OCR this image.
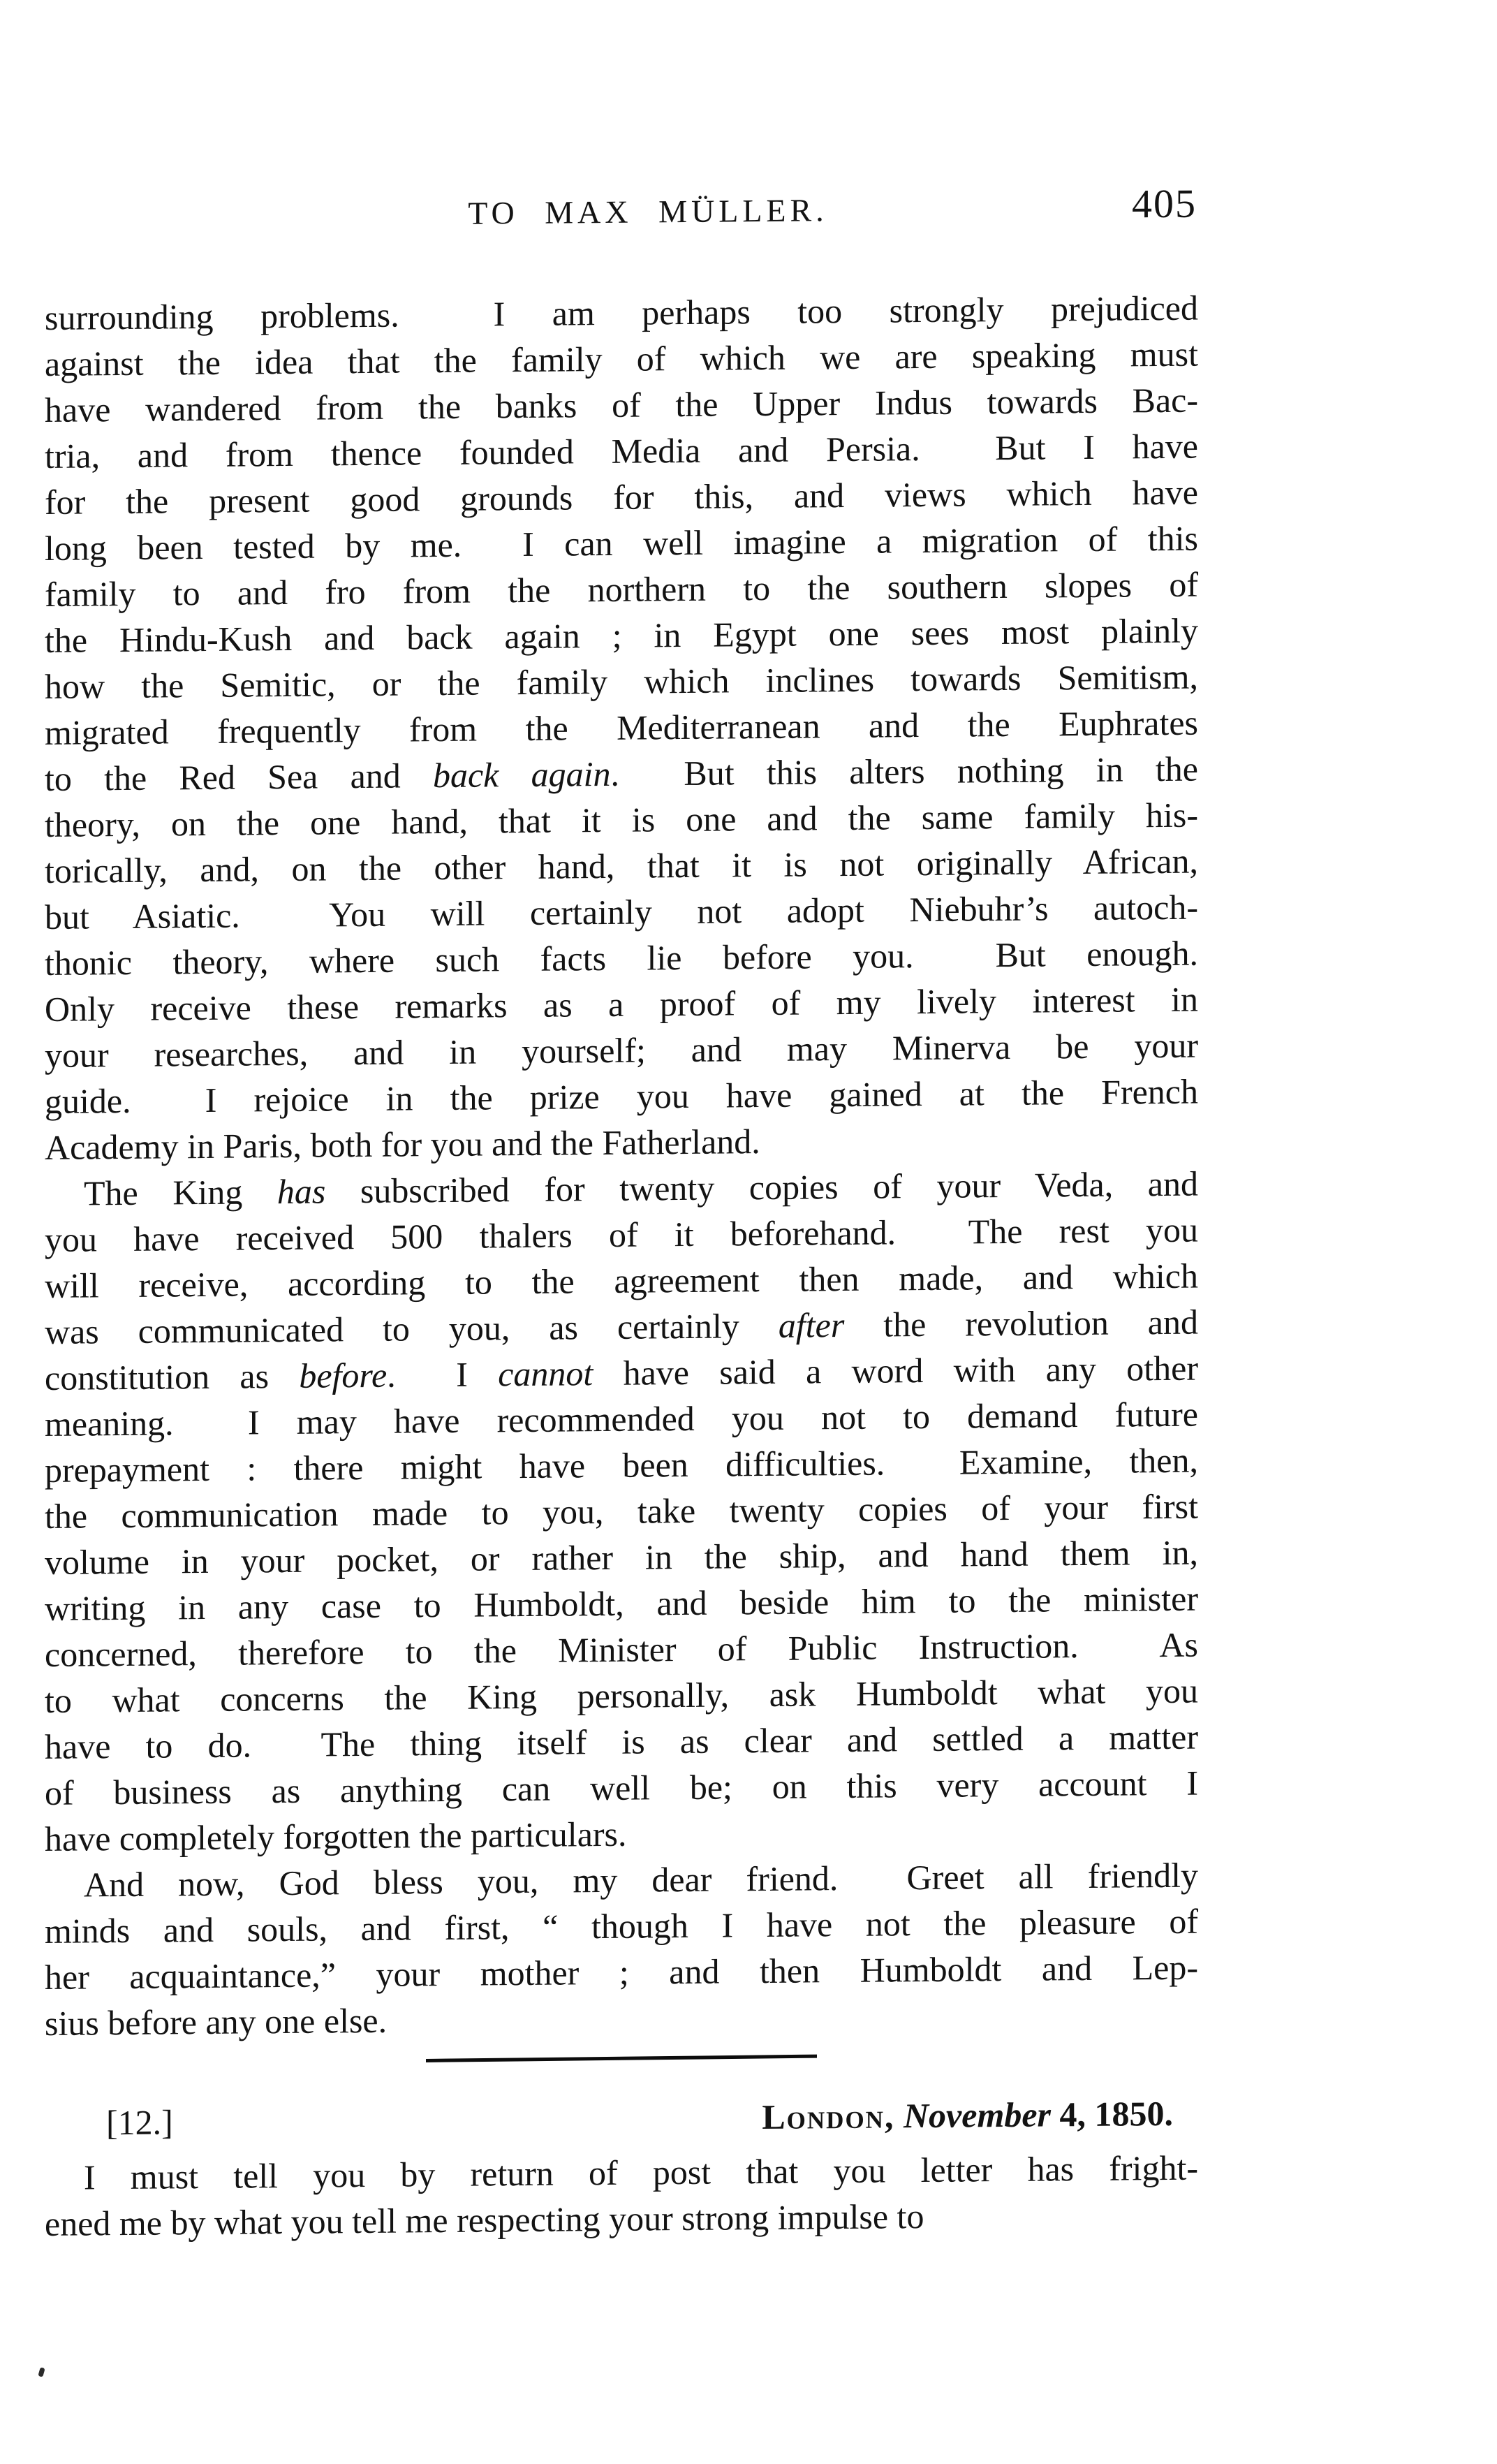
TO MAX MÜLLER.	405
surrounding problems.  I am perhaps too strongly prejudiced
against the idea that the family of which we are speaking must
have wandered from the banks of the Upper Indus towards Bac-
tria, and from thence founded Media and Persia.  But I have
for the present good grounds for this, and views which have
long been tested by me.  I can well imagine a migration of this
family to and fro from the northern to the southern slopes of
the Hindu-Kush and back again ; in Egypt one sees most plainly
how the Semitic, or the family which inclines towards Semitism,
migrated frequently from the Mediterranean and the Euphrates
to the Red Sea and back again.  But this alters nothing in the
theory, on the one hand, that it is one and the same family his-
torically, and, on the other hand, that it is not originally African,
but Asiatic.  You will certainly not adopt Niebuhr’s autoch-
thonic theory, where such facts lie before you.  But enough.
Only receive these remarks as a proof of my lively interest in
your researches, and in yourself; and may Minerva be your
guide.  I rejoice in the prize you have gained at the French
Academy in Paris, both for you and the Fatherland.
The King has subscribed for twenty copies of your Veda, and
you have received 500 thalers of it beforehand.  The rest you
will receive, according to the agreement then made, and which
was communicated to you, as certainly after the revolution and
constitution as before.  I cannot have said a word with any other
meaning.  I may have recommended you not to demand future
prepayment : there might have been difficulties.  Examine, then,
the communication made to you, take twenty copies of your first
volume in your pocket, or rather in the ship, and hand them in,
writing in any case to Humboldt, and beside him to the minister
concerned, therefore to the Minister of Public Instruction.  As
to what concerns the King personally, ask Humboldt what you
have to do.  The thing itself is as clear and settled a matter
of business as anything can well be; on this very account I
have completely forgotten the particulars.
And now, God bless you, my dear friend.  Greet all friendly
minds and souls, and first, “ though I have not the pleasure of
her acquaintance,” your mother ; and then Humboldt and Lep-
sius before any one else.
[12.]	London, November 4, 1850.
I must tell you by return of post that you letter has fright-
ened me by what you tell me respecting your strong impulse to
